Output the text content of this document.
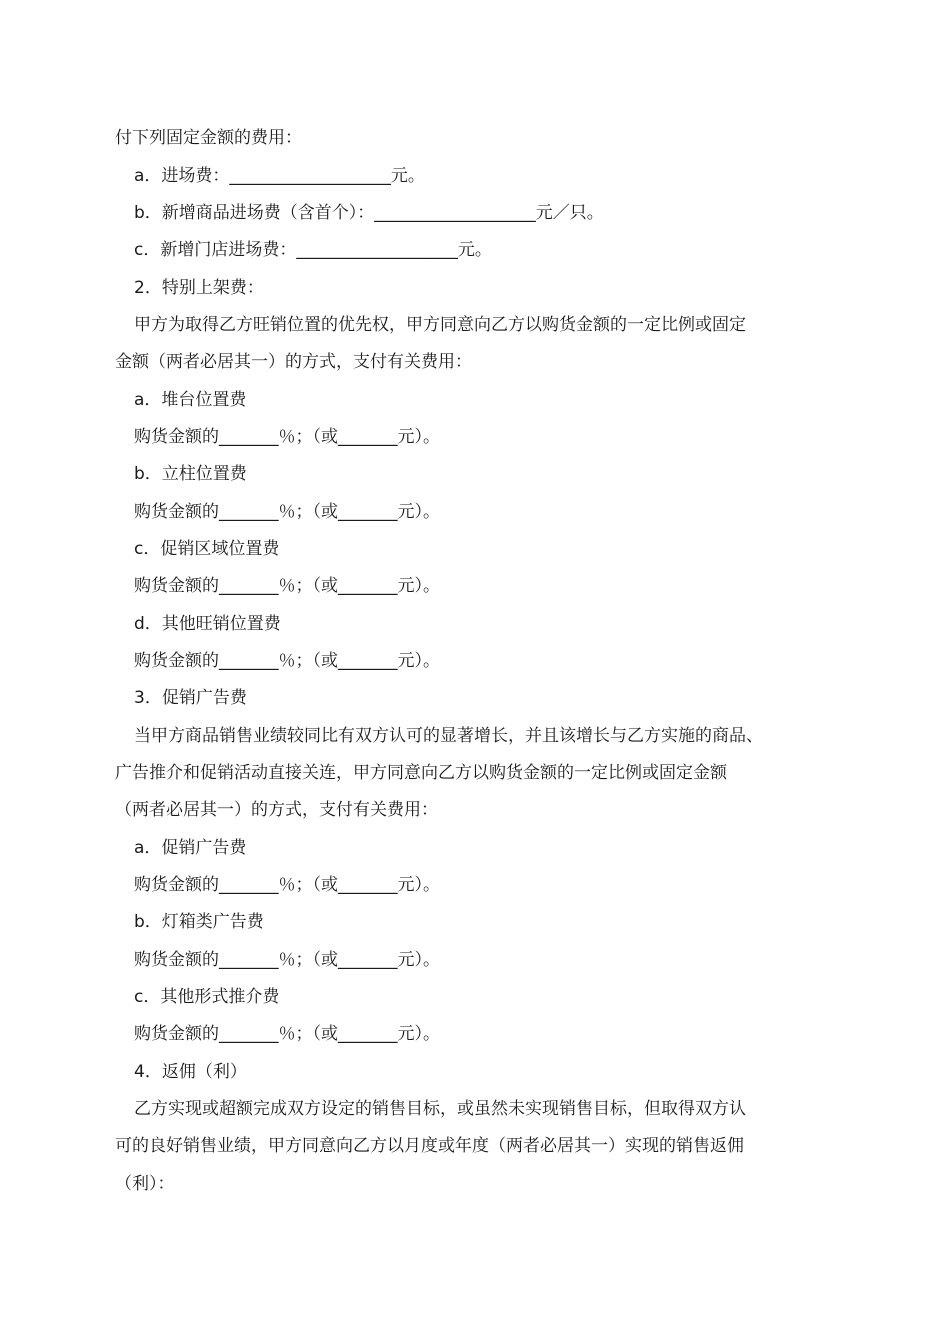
付下列固定金额的费用：
a．进场费：___________________元。
b．新增商品进场费（含首个）：___________________元／只。
c．新增门店进场费：___________________元。
2．特别上架费：
甲方为取得乙方旺销位置的优先权，甲方同意向乙方以购货金额的一定比例或固定
金额（两者必居其一）的方式，支付有关费用：
a．堆台位置费
购货金额的_______％；（或_______元）。
b．立柱位置费
购货金额的_______％；（或_______元）。
c．促销区域位置费
购货金额的_______％；（或_______元）。
d．其他旺销位置费
购货金额的_______％；（或_______元）。
3．促销广告费
当甲方商品销售业绩较同比有双方认可的显著增长，并且该增长与乙方实施的商品、
广告推介和促销活动直接关连，甲方同意向乙方以购货金额的一定比例或固定金额
（两者必居其一）的方式，支付有关费用：
a．促销广告费
购货金额的_______％；（或_______元）。
b．灯箱类广告费
购货金额的_______％；（或_______元）。
c．其他形式推介费
购货金额的_______％；（或_______元）。
4．返佣（利）
乙方实现或超额完成双方设定的销售目标，或虽然未实现销售目标，但取得双方认
可的良好销售业绩，甲方同意向乙方以月度或年度（两者必居其一）实现的销售返佣
（利）：
